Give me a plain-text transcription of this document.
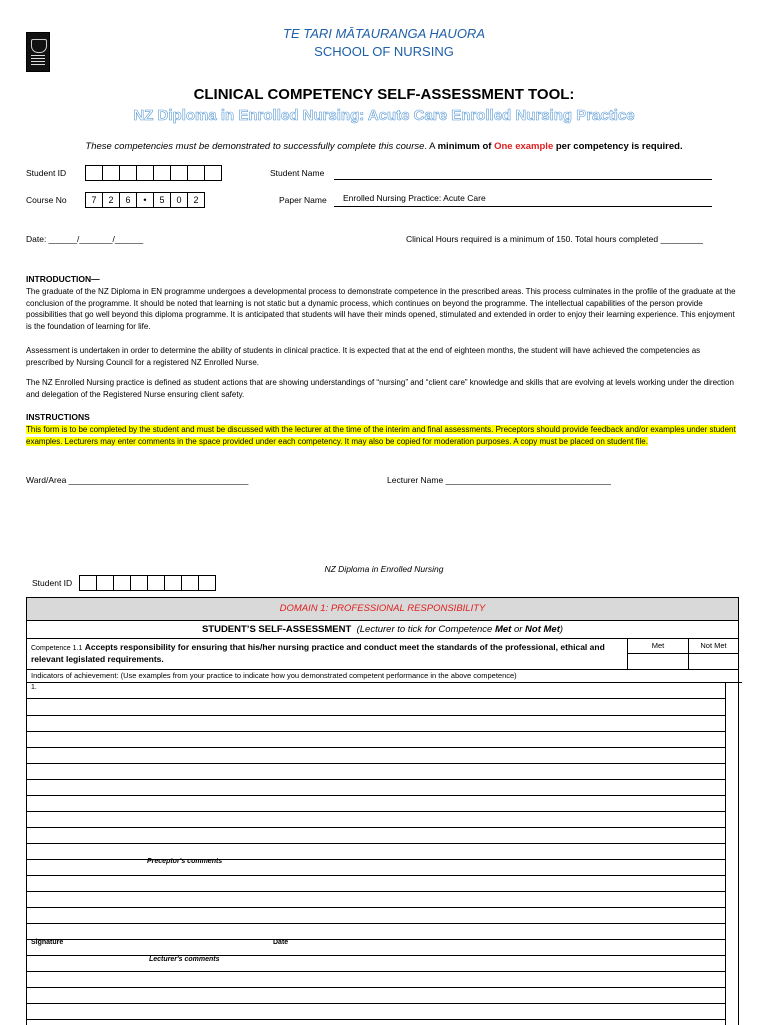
TE TARI MĀTAURANGA HAUORA
SCHOOL OF NURSING
CLINICAL COMPETENCY SELF-ASSESSMENT TOOL:
NZ Diploma in Enrolled Nursing: Acute Care Enrolled Nursing Practice
These competencies must be demonstrated to successfully complete this course. A minimum of One example per competency is required.
Student ID	Student Name
Course No	7	2	6	•	5	0	2	Paper Name	Enrolled Nursing Practice: Acute Care
Date: ______/_______/______	Clinical Hours required is a minimum of 150. Total hours completed _________
INTRODUCTION—
The graduate of the NZ Diploma in EN programme undergoes a developmental process to demonstrate competence in the prescribed areas. This process culminates in the profile of the graduate at the conclusion of the programme. It should be noted that learning is not static but a dynamic process, which continues on beyond the programme. The intellectual capabilities of the person provide possibilities that go well beyond this diploma programme. It is anticipated that students will have their minds opened, stimulated and extended in order to enjoy their learning experience. This enjoyment is the foundation of learning for life.
Assessment is undertaken in order to determine the ability of students in clinical practice. It is expected that at the end of eighteen months, the student will have achieved the competencies as prescribed by Nursing Council for a registered NZ Enrolled Nurse.
The NZ Enrolled Nursing practice is defined as student actions that are showing understandings of “nursing” and “client care” knowledge and skills that are evolving at levels working under the direction and delegation of the Registered Nurse ensuring client safety.
INSTRUCTIONS
This form is to be completed by the student and must be discussed with the lecturer at the time of the interim and final assessments. Preceptors should provide feedback and/or examples under student examples. Lecturers may enter comments in the space provided under each competency. It may also be copied for moderation purposes. A copy must be placed on student file.
Ward/Area ______________________________________	Lecturer Name ___________________________________
NZ Diploma in Enrolled Nursing
Student ID
DOMAIN 1: PROFESSIONAL RESPONSIBILITY
STUDENT’S SELF-ASSESSMENT (Lecturer to tick for Competence Met or Not Met)
Competence 1.1 Accepts responsibility for ensuring that his/her nursing practice and conduct meet the standards of the professional, ethical and relevant legislated requirements.
Met	Not Met
Indicators of achievement: (Use examples from your practice to indicate how you demonstrated competent performance in the above competence)
1.
Preceptor's comments
Signature	Date
Lecturer's comments
